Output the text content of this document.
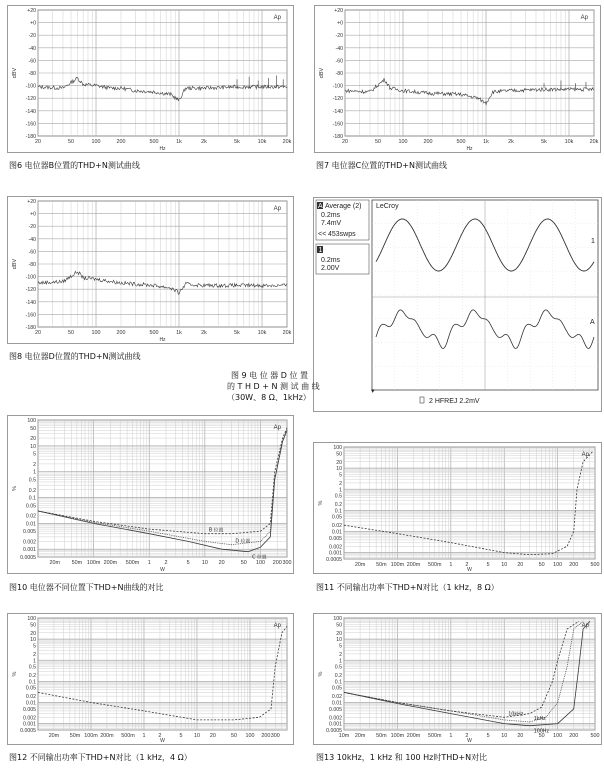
+20
+0
-20
-40
-60
-80
-100
-120
-140
-160
-180
20	50	100	200	500	1k	2k	5k	10k	20k
dBV
Hz
Ap
图6 电位器B位置的THD+N测试曲线
+20
+0
-20
-40
-60
-80
-100
-120
-140
-160
-180
20	50	100	200	500	1k	2k	5k	10k	20k
dBV
Hz
Ap
图7 电位器C位置的THD+N测试曲线
+20
+0
-20
-40
-60
-80
-100
-120
-140
-160
-180
20	50	100	200	500	1k	2k	5k	10k	20k
dBV
Hz
Ap
图8 电位器D位置的THD+N测试曲线
A Average (2)
0.2ms
7.4mV
<< 453swps
1
0.2ms
2.00V
LeCroy
1
A
2 HFREJ 2.2mV
▾
图 9 电 位 器 D 位 置
的 T H D + N 测 试 曲 线
（30W、8 Ω、1kHz）
100
50
20
10
5
2
1
0.5
0.2
0.1
0.05
0.02
0.01
0.005
0.002
0.001
0.0005
20m 50m 100m 200m 500m 1	2	5 10 20	50 100 200 300
%
W
Ap
B 位置
D 位置
C 位置
图10 电位器不同位置下THD+N曲线的对比
100
50
20
10
5
2
1
0.5
0.2
0.1
0.05
0.02
0.01
0.005
0.002
0.001
0.0005
20m 50m 100m 200m 500m 1 2	5 10 20	50 100 200 500
%
W
Ap
图11 不同输出功率下THD+N对比（1 kHz，8 Ω）
100
50
20
10
5
2
1
0.5
0.2
0.1
0.05
0.02
0.01
0.005
0.002
0.001
0.0005
20m 50m 100m 200m 500m 1 2	5 10 20	50 100 200 300
%
W
Ap
图12 不同输出功率下THD+N对比（1 kHz，4 Ω）
100
50
20
10
5
2
1
0.5
0.2
0.1
0.05
0.02
0.01
0.005
0.002
0.001
0.0005
10m 20m 50m 100m 200m 500m 1 2	5 10 20	50 100 200 500
%
W
Ap
10kHz
1kHz
100Hz
图13 10kHz，1 kHz 和 100 Hz时THD+N对比
